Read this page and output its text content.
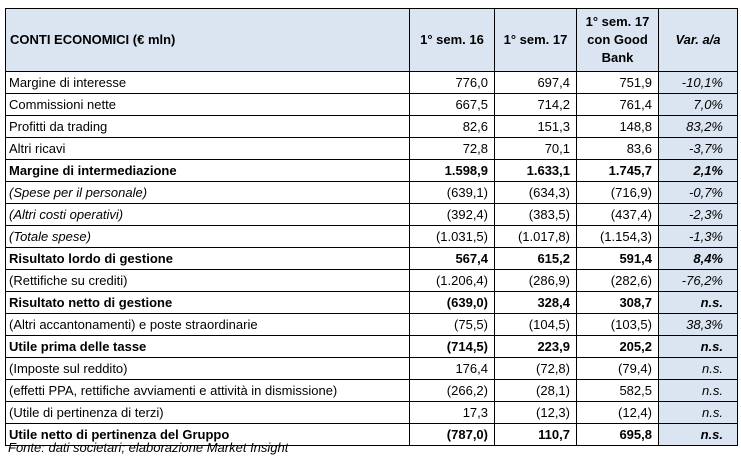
CONTI ECONOMICI (€ mln)	1° sem. 16	1° sem. 17	1° sem. 17
con Good
Bank	Var. a/a
Margine di interesse	776,0	697,4	751,9	-10,1%
Commissioni nette	667,5	714,2	761,4	7,0%
Profitti da trading	82,6	151,3	148,8	83,2%
Altri ricavi	72,8	70,1	83,6	-3,7%
Margine di intermediazione	1.598,9	1.633,1	1.745,7	2,1%
(Spese per il personale)	(639,1)	(634,3)	(716,9)	-0,7%
(Altri costi operativi)	(392,4)	(383,5)	(437,4)	-2,3%
(Totale spese)	(1.031,5)	(1.017,8)	(1.154,3)	-1,3%
Risultato lordo di gestione	567,4	615,2	591,4	8,4%
(Rettifiche su crediti)	(1.206,4)	(286,9)	(282,6)	-76,2%
Risultato netto di gestione	(639,0)	328,4	308,7	n.s.
(Altri accantonamenti) e poste straordinarie	(75,5)	(104,5)	(103,5)	38,3%
Utile prima delle tasse	(714,5)	223,9	205,2	n.s.
(Imposte sul reddito)	176,4	(72,8)	(79,4)	n.s.
(effetti PPA, rettifiche avviamenti e attività in dismissione)	(266,2)	(28,1)	582,5	n.s.
(Utile di pertinenza di terzi)	17,3	(12,3)	(12,4)	n.s.
Utile netto di pertinenza del Gruppo	(787,0)	110,7	695,8	n.s.
Fonte: dati societari; elaborazione Market Insight
